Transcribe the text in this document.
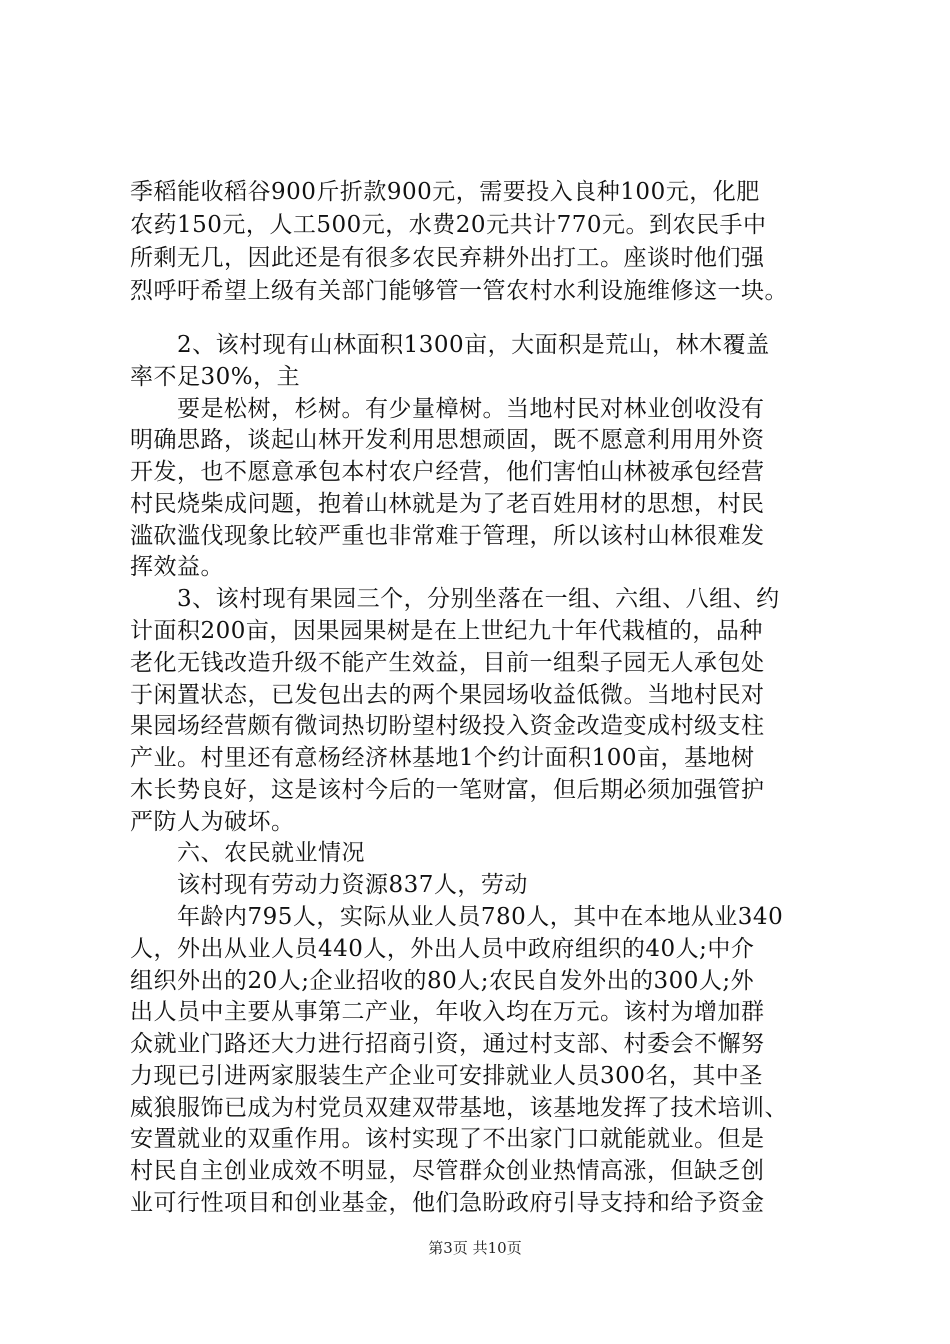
季稻能收稻谷900斤折款900元，需要投入良种100元，化肥
农药150元，人工500元，水费20元共计770元。到农民手中
所剩无几，因此还是有很多农民弃耕外出打工。座谈时他们强
烈呼吁希望上级有关部门能够管一管农村水利设施维修这一块。
　　2、该村现有山林面积1300亩，大面积是荒山，林木覆盖
率不足30%，主
　　要是松树，杉树。有少量樟树。当地村民对林业创收没有
明确思路，谈起山林开发利用思想顽固，既不愿意利用用外资
开发，也不愿意承包本村农户经营，他们害怕山林被承包经营
村民烧柴成问题，抱着山林就是为了老百姓用材的思想，村民
滥砍滥伐现象比较严重也非常难于管理，所以该村山林很难发
挥效益。
　　3、该村现有果园三个，分别坐落在一组、六组、八组、约
计面积200亩，因果园果树是在上世纪九十年代栽植的，品种
老化无钱改造升级不能产生效益，目前一组梨子园无人承包处
于闲置状态，已发包出去的两个果园场收益低微。当地村民对
果园场经营颇有微词热切盼望村级投入资金改造变成村级支柱
产业。村里还有意杨经济林基地1个约计面积100亩，基地树
木长势良好，这是该村今后的一笔财富，但后期必须加强管护
严防人为破坏。
　　六、农民就业情况
　　该村现有劳动力资源837人，劳动
　　年龄内795人，实际从业人员780人，其中在本地从业340
人，外出从业人员440人，外出人员中政府组织的40人;中介
组织外出的20人;企业招收的80人;农民自发外出的300人;外
出人员中主要从事第二产业，年收入均在万元。该村为增加群
众就业门路还大力进行招商引资，通过村支部、村委会不懈努
力现已引进两家服装生产企业可安排就业人员300名，其中圣
威狼服饰已成为村党员双建双带基地，该基地发挥了技术培训、
安置就业的双重作用。该村实现了不出家门口就能就业。但是
村民自主创业成效不明显，尽管群众创业热情高涨，但缺乏创
第3页 共10页
业可行性项目和创业基金，他们急盼政府引导支持和给予资金
